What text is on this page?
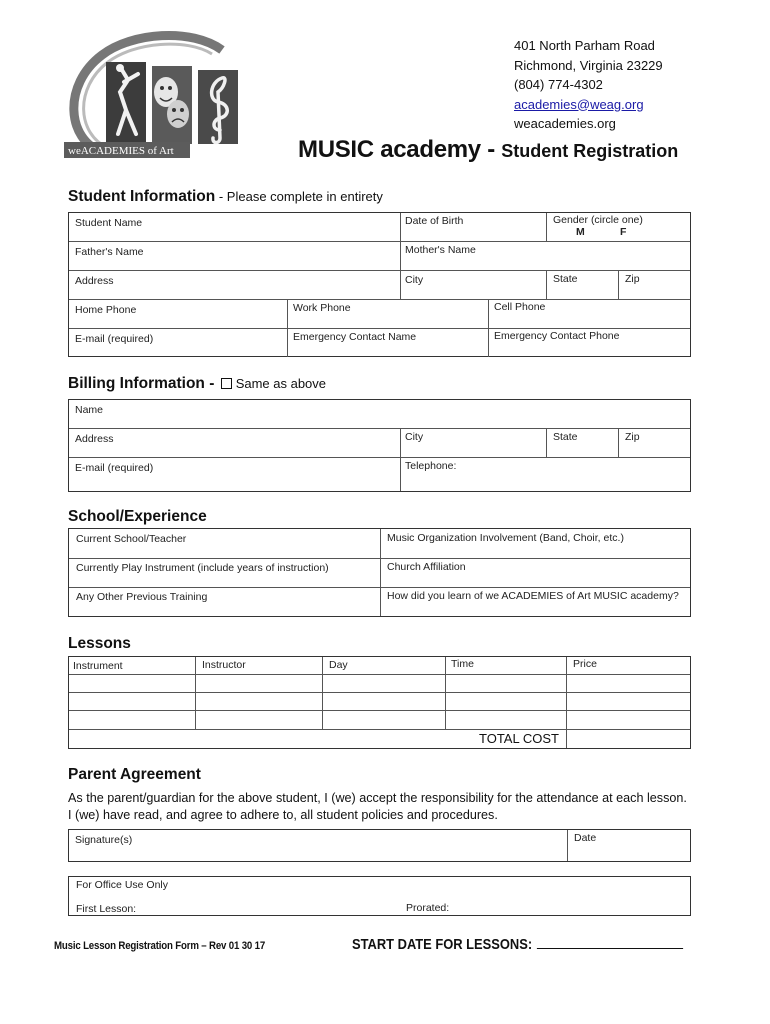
weACADEMIES of Art
401 North Parham Road
Richmond, Virginia 23229
(804) 774-4302
academies@weag.org
weacademies.org
MUSIC academy - Student Registration
Student Information - Please complete in entirety
Student Name	Date of Birth	Gender (circle one)
M	F
Father's Name	Mother's Name
Address	City	State	Zip
Home Phone	Work Phone	Cell Phone
E-mail (required)	Emergency Contact Name	Emergency Contact Phone
Billing Information - Same as above
Name
Address	City	State	Zip
E-mail (required)	Telephone:
School/Experience
Current School/Teacher	Music Organization Involvement (Band, Choir, etc.)
Currently Play Instrument (include years of instruction)	Church Affiliation
Any Other Previous Training	How did you learn of we ACADEMIES of Art MUSIC academy?
Lessons
Instrument	Instructor	Day	Time	Price
TOTAL COST
Parent Agreement
As the parent/guardian for the above student, I (we) accept the responsibility for the attendance at each lesson. I (we) have read, and agree to adhere to, all student policies and procedures.
Signature(s)	Date
For Office Use Only
First Lesson:	Prorated:
Music Lesson Registration Form – Rev 01 30 17	START DATE FOR LESSONS:
